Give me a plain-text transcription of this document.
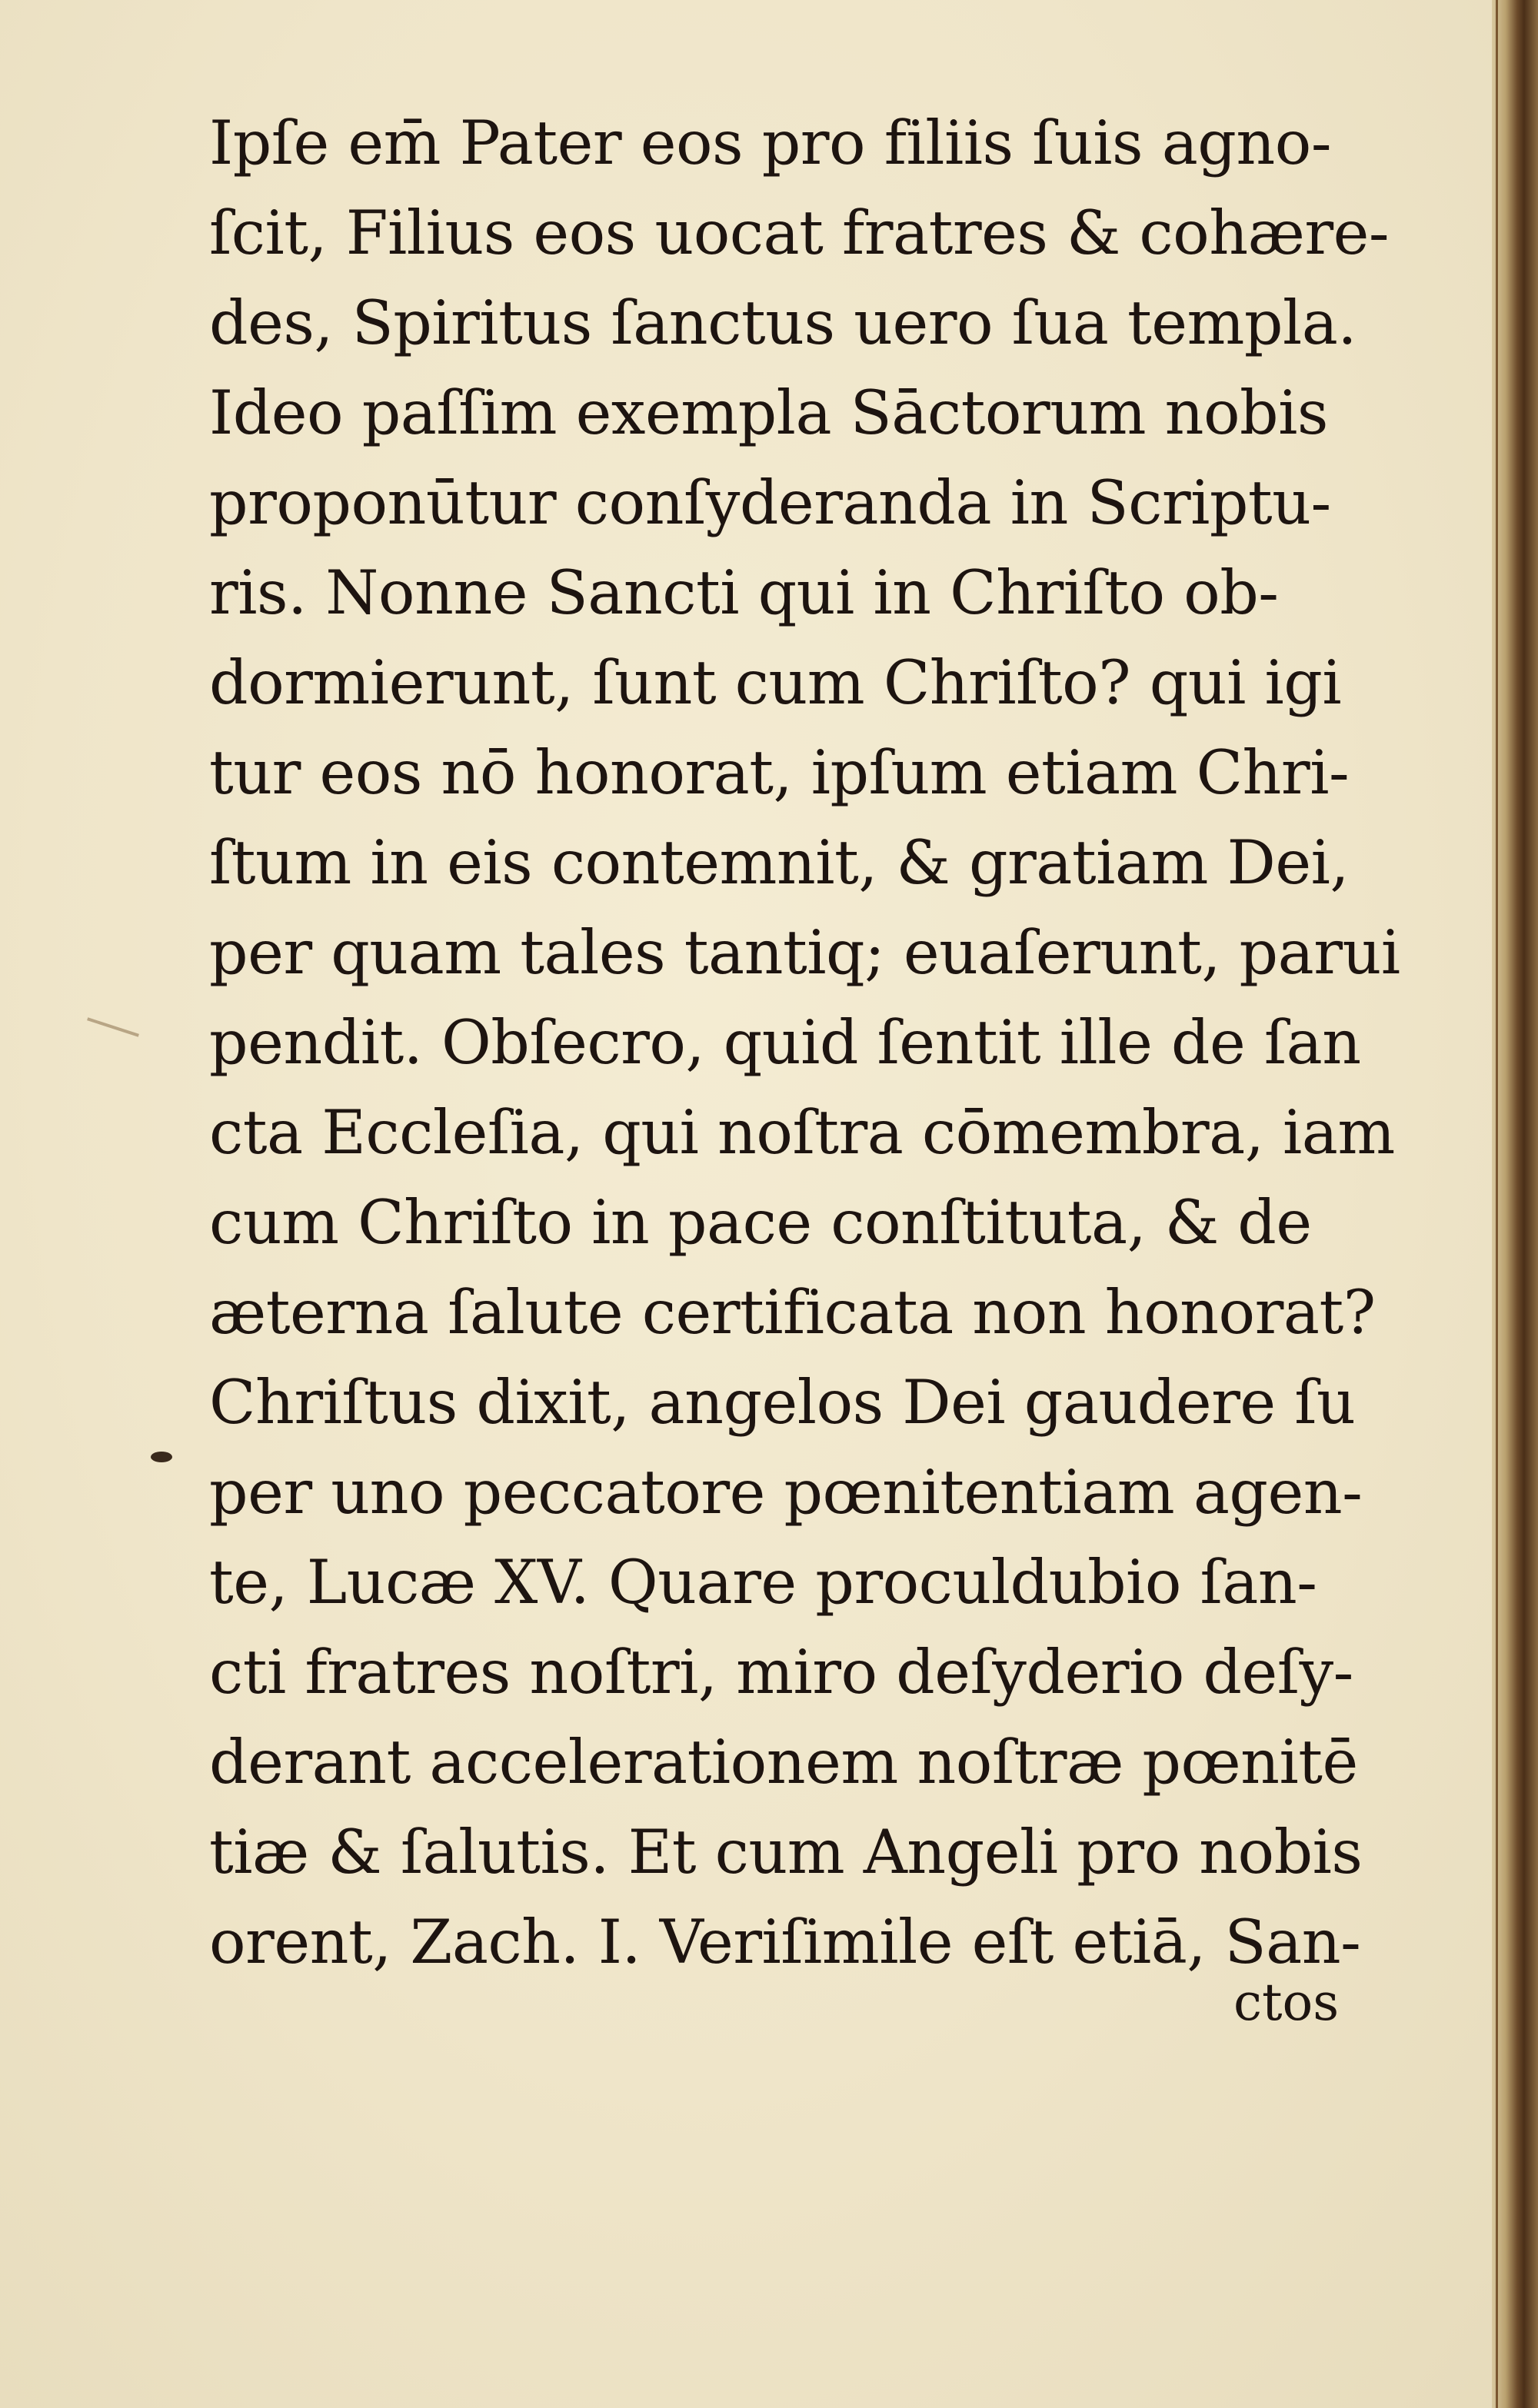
Ipſe em̄ Pater eos pro filiis ſuis agno-
ſcit, Filius eos uocat fratres & cohære-
des, Spiritus ſanctus uero ſua templa.
Ideo paſſim exempla Sāctorum nobis
proponūtur conſyderanda in Scriptu-
ris. Nonne Sancti qui in Chriſto ob-
dormierunt, ſunt cum Chriſto? qui igi
tur eos nō honorat, ipſum etiam Chri-
ſtum in eis contemnit, & gratiam Dei,
per quam tales tantiq; euaſerunt, parui
pendit. Obſecro, quid ſentit ille de ſan
cta Eccleſia, qui noſtra cōmembra, iam
cum Chriſto in pace conſtituta, & de
æterna ſalute certificata non honorat?
Chriſtus dixit, angelos Dei gaudere ſu
per uno peccatore pœnitentiam agen-
te, Lucæ XV. Quare proculdubio ſan-
cti fratres noſtri, miro deſyderio deſy-
derant accelerationem noſtræ pœnitē
tiæ & ſalutis. Et cum Angeli pro nobis
orent, Zach. I. Veriſimile eſt etiā, San-
ctos
